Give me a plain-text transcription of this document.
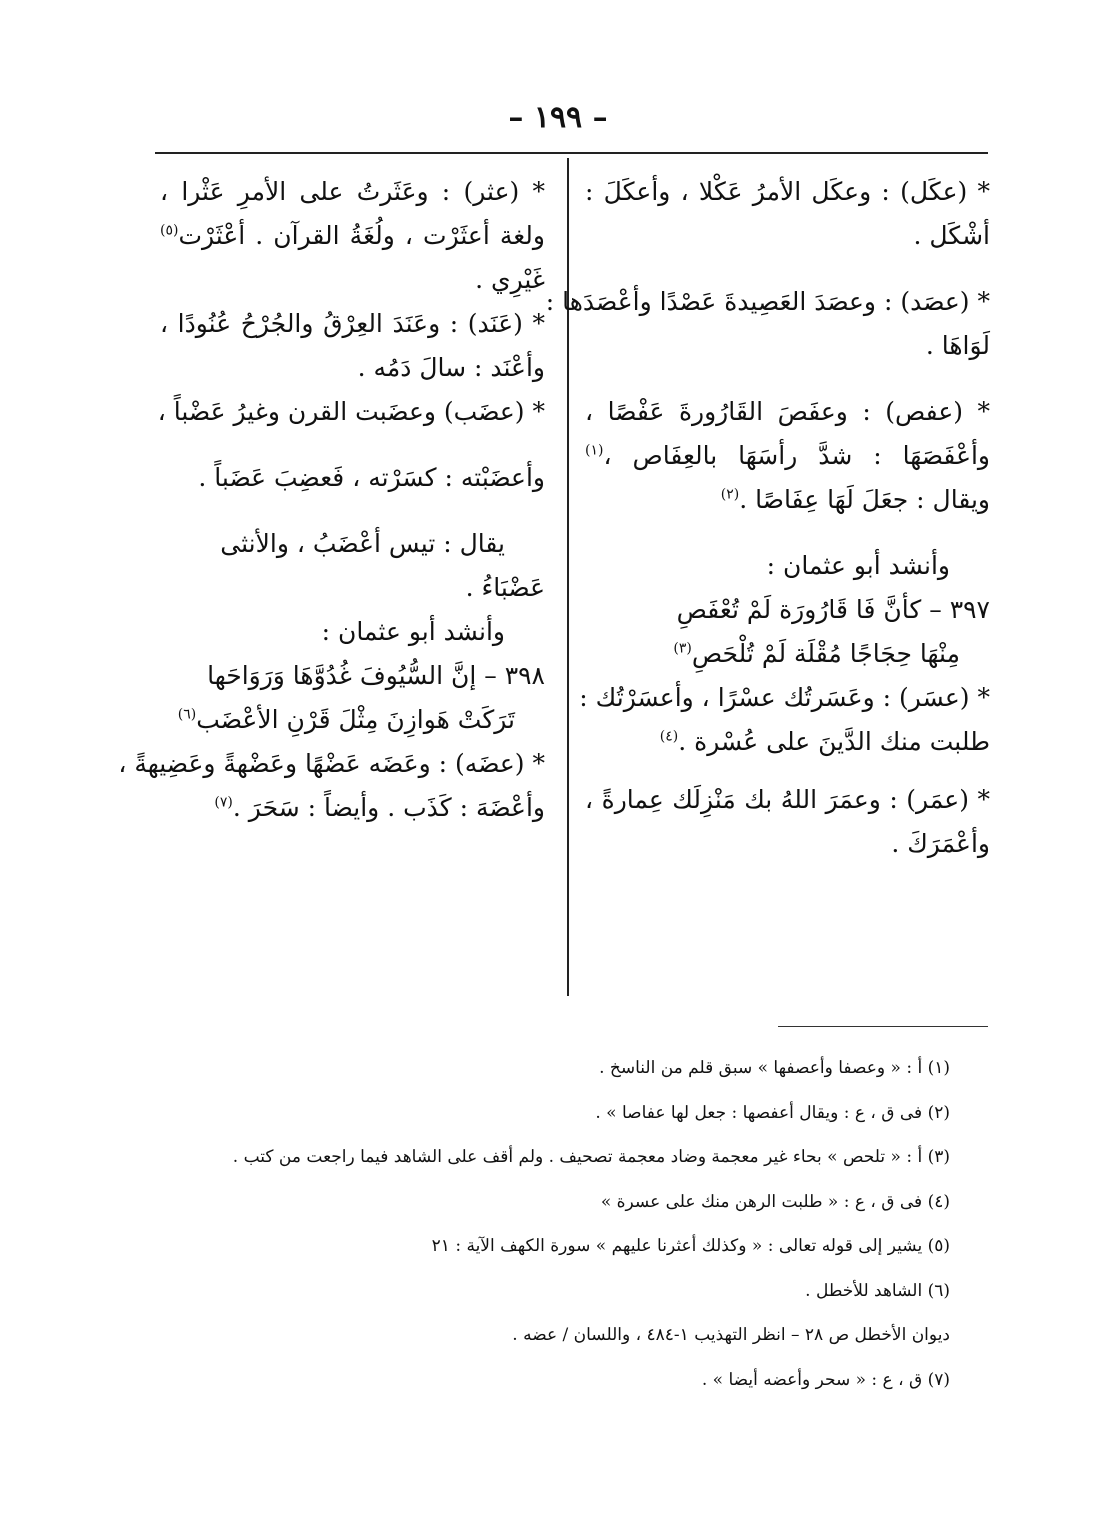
– ١٩٩ –
* (عكَل) : وعكَل الأمرُ عَكْلا ، وأعكَلَ :
أشْكَل .
* (عصَد) : وعصَدَ العَصِيدةَ عَصْدًا وأعْصَدَها :
لَوَاهَا .
* (عفص) : وعفَصَ القَارُورةَ عَفْصًا ،
وأعْفَصَهَا : شدَّ رأسَهَا بالعِفَاص ،$^{(١)}$
ويقال : جعَلَ لَهَا عِفَاصًا .$^{(٢)}$
وأنشد أبو عثمان :
٣٩٧ – كأنَّ فَا قَارُورَة لَمْ تُعْفَصِ
مِنْهَا حِجَاجًا مُقْلَة لَمْ تُلْحَصِ$^{(٣)}$
* (عسَر) : وعَسَرتُك عسْرًا ، وأعسَرْتُك :
طلبت منك الدَّينَ على عُسْرة .$^{(٤)}$
* (عمَر) : وعمَرَ اللهُ بك مَنْزِلَك عِمارةً ،
وأعْمَرَكَ .
* (عثر) : وعَثَرتُ على الأمرِ عَثْرا ،
ولغة أعثَرْت ، ولُغَةُ القرآن . أعْثَرْت$^{(٥)}$
غَيْرِي .
* (عَنَد) : وعَنَدَ العِرْقُ والجُرْحُ عُنُودًا ،
وأعْنَد : سالَ دَمُه .
* (عضَب) وعضَبت القرن وغيرُ عَضْباً ،
وأعضَبْته : كسَرْته ، فَعضِبَ عَضَباً .
يقال : تيس أعْضَبُ ، والأنثى
عَضْبَاءُ .
وأنشد أبو عثمان :
٣٩٨ – إنَّ السُّيُوفَ غُدُوَّهَا وَرَوَاحَها
تَرَكَتْ هَوازِنَ مِثْلَ قَرْنِ الأعْضَب$^{(٦)}$
* (عضَه) : وعَضَه عَضْهًا وعَضْهةً وعَضِيهةً ،
وأعْضَهَ : كَذَب . وأيضاً : سَحَرَ .$^{(٧)}$
(١) أ : « وعصفا وأعصفها » سبق قلم من الناسخ .
(٢) فى ق ، ع : ويقال أعفصها : جعل لها عفاصا » .
(٣) أ : « تلحص » بحاء غير معجمة وضاد معجمة تصحيف . ولم أقف على الشاهد فيما راجعت من كتب .
(٤) فى ق ، ع : « طلبت الرهن منك على عسرة »
(٥) يشير إلى قوله تعالى : « وكذلك أعثرنا عليهم » سورة الكهف الآية : ٢١
(٦) الشاهد للأخطل .
ديوان الأخطل ص ٢٨ – انظر التهذيب ١-٤٨٤ ، واللسان / عضه .
(٧) ق ، ع : « سحر وأعضه أيضا » .
